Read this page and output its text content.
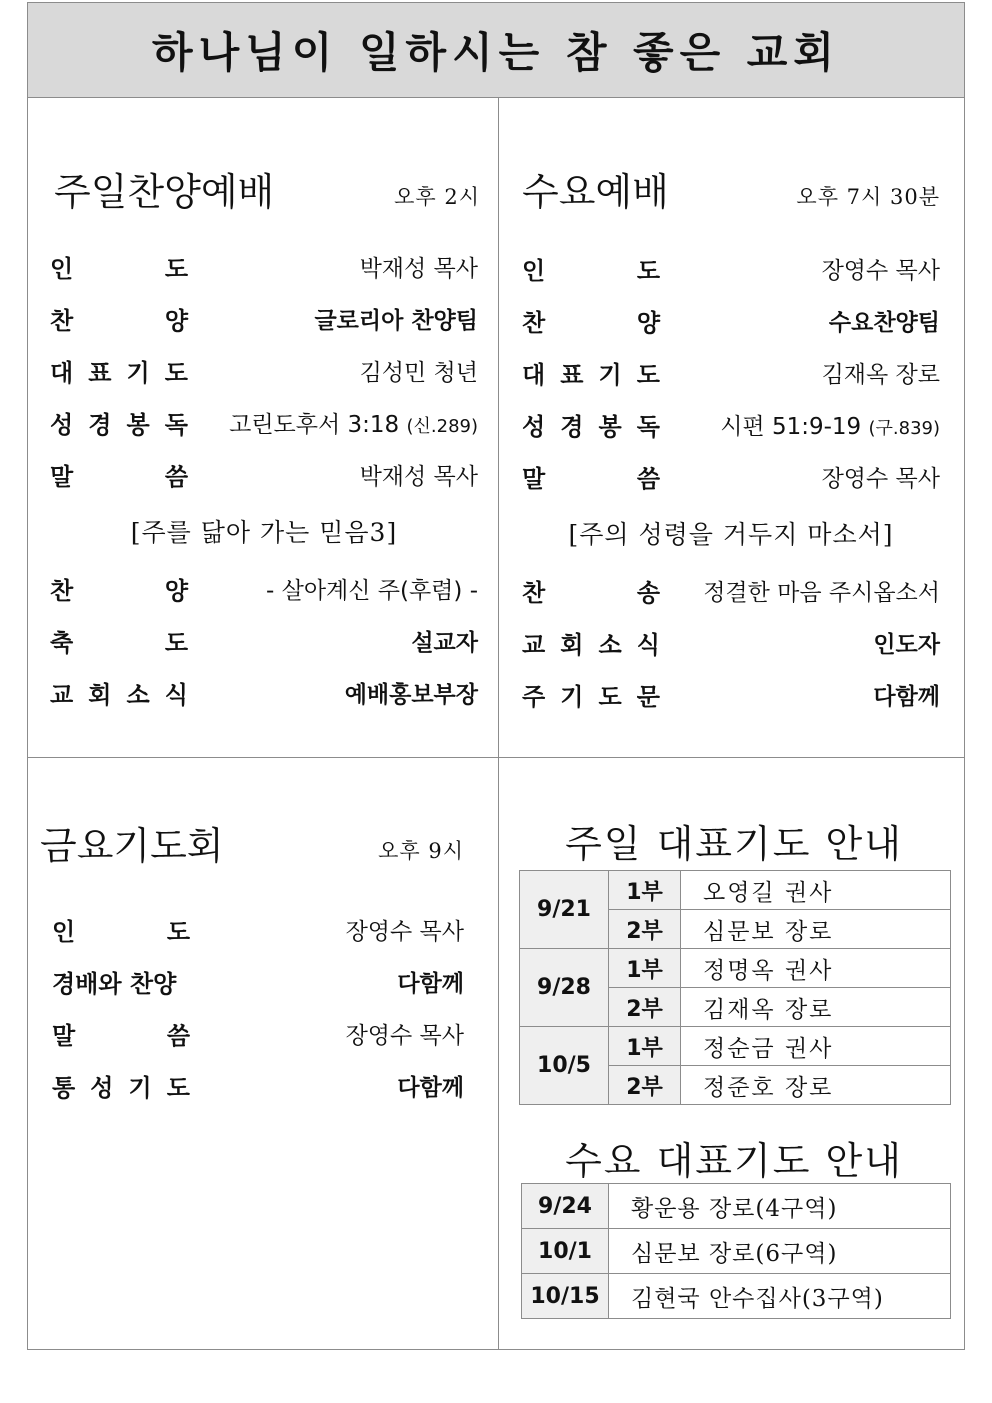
하나님이 일하시는 참 좋은 교회
주일찬양예배	오후 2시
인	도	박재성 목사
찬	양	글로리아 찬양팀
대 표 기 도	김성민 청년
성 경 봉 독	고린도후서 3:18 (신.289)
말	씀	박재성 목사
[주를 닮아 가는 믿음3]
찬	양	- 살아계신 주(후렴) -
축	도	설교자
교 회 소 식	예배홍보부장
수요예배	오후 7시 30분
인	도	장영수 목사
찬	양	수요찬양팀
대 표 기 도	김재옥 장로
성 경 봉 독	시편 51:9-19 (구.839)
말	씀	장영수 목사
[주의 성령을 거두지 마소서]
찬	송	정결한 마음 주시옵소서
교 회 소 식	인도자
주 기 도 문	다함께
금요기도회	오후 9시
인	도	장영수 목사
경배와 찬양	다함께
말	씀	장영수 목사
통 성 기 도	다함께
주일 대표기도 안내
9/21	1부	오영길 권사
	2부	심문보 장로
9/28	1부	정명옥 권사
	2부	김재옥 장로
10/5	1부	정순금 권사
	2부	정준호 장로
수요 대표기도 안내
9/24	황운용 장로(4구역)
10/1	심문보 장로(6구역)
10/15	김현국 안수집사(3구역)
